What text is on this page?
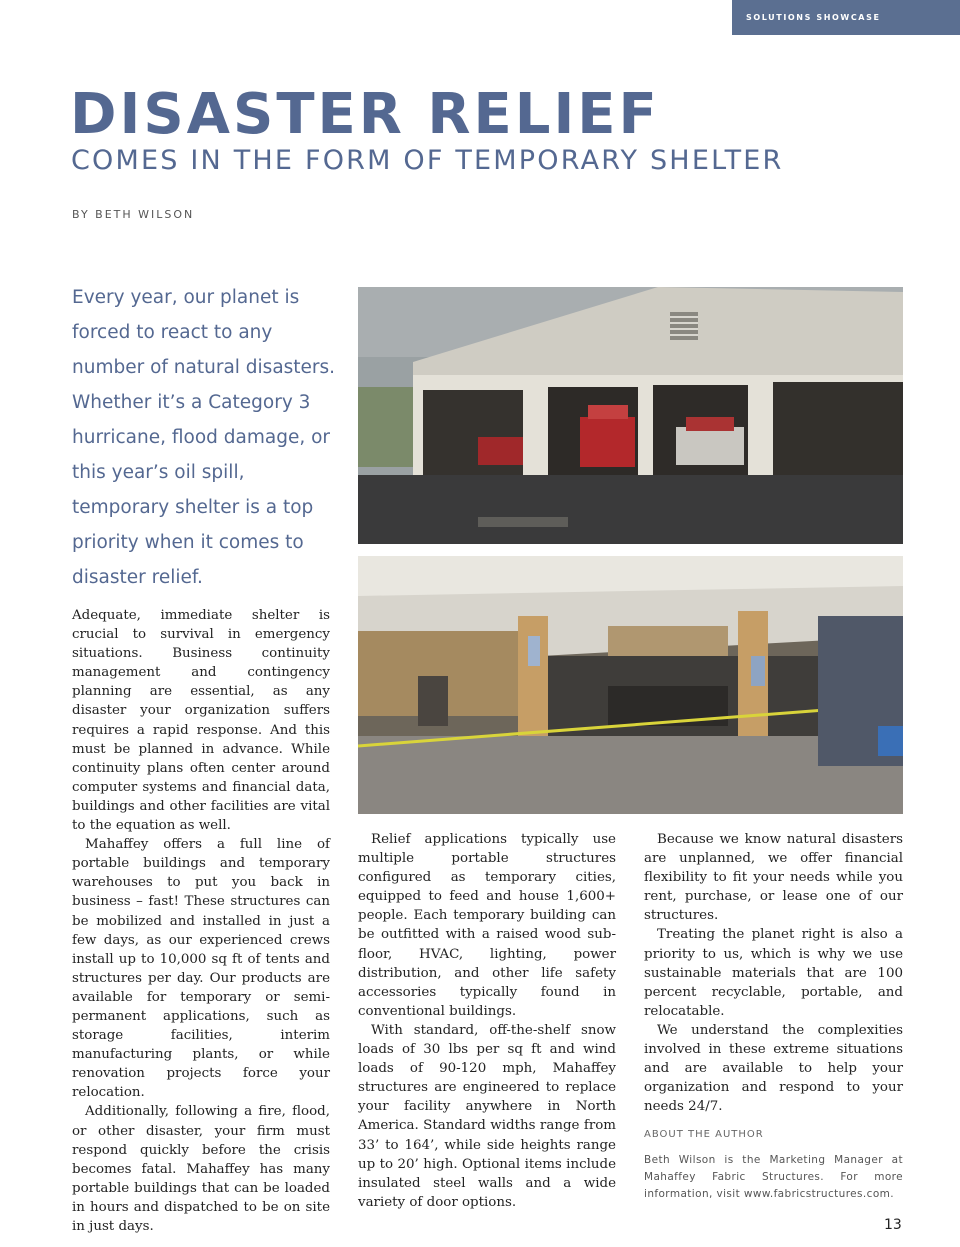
SOLUTIONS SHOWCASE
DISASTER RELIEF
COMES IN THE FORM OF TEMPORARY SHELTER
BY BETH WILSON

Every year, our planet is forced to react to any number of natural disasters. Whether it’s a Category 3 hurricane, flood damage, or this year’s oil spill, temporary shelter is a top priority when it comes to disaster relief.

Adequate, immediate shelter is crucial to survival in emergency situations. Business continuity management and contingency planning are essential, as any disaster your organization suffers requires a rapid response. And this must be planned in advance. While continuity plans often center around computer systems and financial data, buildings and other facilities are vital to the equation as well.

Mahaffey offers a full line of portable buildings and temporary warehouses to put you back in business – fast! These structures can be mobilized and installed in just a few days, as our experienced crews install up to 10,000 sq ft of tents and structures per day. Our products are available for temporary or semi-permanent applications, such as storage facilities, interim manufacturing plants, or while renovation projects force your relocation.

Additionally, following a fire, flood, or other disaster, your firm must respond quickly before the crisis becomes fatal. Mahaffey has many portable buildings that can be loaded in hours and dispatched to be on site in just days.

Relief applications typically use multiple portable structures configured as temporary cities, equipped to feed and house 1,600+ people. Each temporary building can be outfitted with a raised wood sub-floor, HVAC, lighting, power distribution, and other life safety accessories typically found in conventional buildings.

With standard, off-the-shelf snow loads of 30 lbs per sq ft and wind loads of 90-120 mph, Mahaffey structures are engineered to replace your facility anywhere in North America. Standard widths range from 33’ to 164’, while side heights range up to 20’ high. Optional items include insulated steel walls and a wide variety of door options.

Because we know natural disasters are unplanned, we offer financial flexibility to fit your needs while you rent, purchase, or lease one of our structures.

Treating the planet right is also a priority to us, which is why we use sustainable materials that are 100 percent recyclable, portable, and relocatable.

We understand the complexities involved in these extreme situations and are available to help your organization and respond to your needs 24/7.

ABOUT THE AUTHOR
Beth Wilson is the Marketing Manager at Mahaffey Fabric Structures. For more information, visit www.fabricstructures.com.
13
